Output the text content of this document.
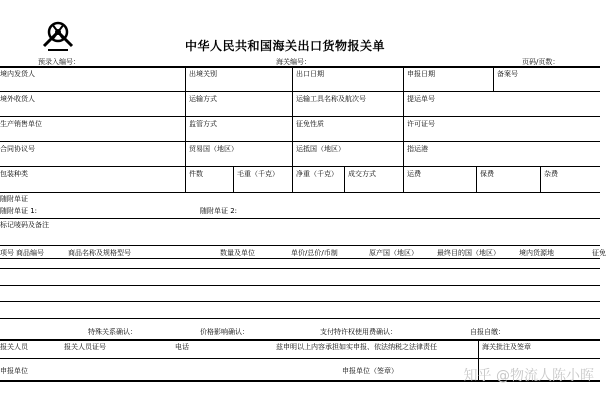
中华人民共和国海关出口货物报关单
预录入编号：	海关编号：	页码/页数：
境内发货人	出境关别	出口日期	申报日期	备案号
境外收货人	运输方式	运输工具名称及航次号	提运单号
生产销售单位	监管方式	征免性质	许可证号
合同协议号	贸易国（地区）	运抵国（地区）	指运港
包装种类	件数	毛重（千克） 净重（千克） 成交方式	运费	保费	杂费
随附单证
随附单证 1:	随附单证 2:
标记唛码及备注
项号 商品编号	商品名称及规格型号	数量及单位	单价/总价/币制	原产国（地区）	最终目的国（地区）	境内货源地	征免
特殊关系确认：	价格影响确认：	支付特许权使用费确认：	自报自缴：
报关人员	报关人员证号	电话	兹申明以上内容承担如实申报、依法纳税之法律责任	海关批注及签章
申报单位	申报单位（签章）	知乎 @物流人陈小晖
